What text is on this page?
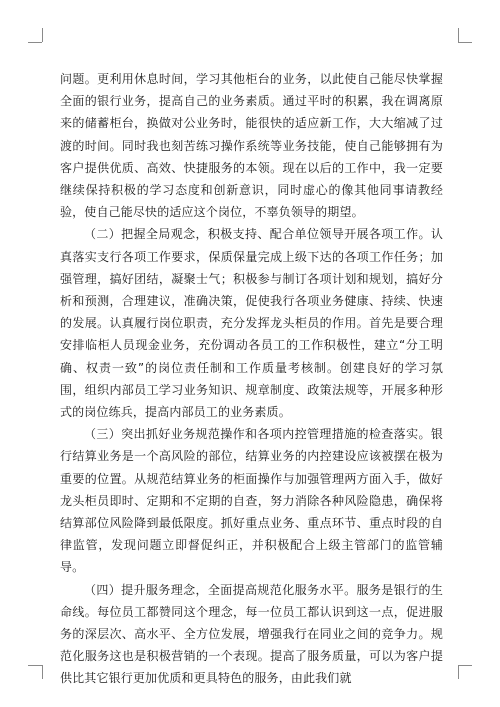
问题。更利用休息时间，学习其他柜台的业务，以此使自己能尽快掌握全面的银行业务，提高自己的业务素质。通过平时的积累，我在调离原来的储蓄柜台，换做对公业务时，能很快的适应新工作，大大缩减了过渡的时间。同时我也刻苦练习操作系统等业务技能，使自己能够拥有为客户提供优质、高效、快捷服务的本领。现在以后的工作中，我一定要继续保持积极的学习态度和创新意识，同时虚心的像其他同事请教经验，使自己能尽快的适应这个岗位，不辜负领导的期望。

（二）把握全局观念，积极支持、配合单位领导开展各项工作。认真落实支行各项工作要求，保质保量完成上级下达的各项工作任务；加强管理，搞好团结，凝聚士气；积极参与制订各项计划和规划，搞好分析和预测，合理建议，准确决策，促使我行各项业务健康、持续、快速的发展。认真履行岗位职责，充分发挥龙头柜员的作用。首先是要合理安排临柜人员现金业务，充份调动各员工的工作积极性，建立“分工明确、权责一致”的岗位责任制和工作质量考核制。创建良好的学习氛围，组织内部员工学习业务知识、规章制度、政策法规等，开展多种形式的岗位练兵，提高内部员工的业务素质。

（三）突出抓好业务规范操作和各项内控管理措施的检查落实。银行结算业务是一个高风险的部位，结算业务的内控建设应该被摆在极为重要的位置。从规范结算业务的柜面操作与加强管理两方面入手，做好龙头柜员即时、定期和不定期的自查，努力消除各种风险隐患，确保将结算部位风险降到最低限度。抓好重点业务、重点环节、重点时段的自律监管，发现问题立即督促纠正，并积极配合上级主管部门的监管辅导。

（四）提升服务理念，全面提高规范化服务水平。服务是银行的生命线。每位员工都赞同这个理念，每一位员工都认识到这一点，促进服务的深层次、高水平、全方位发展，增强我行在同业之间的竞争力。规范化服务这也是积极营销的一个表现。提高了服务质量，可以为客户提供比其它银行更加优质和更具特色的服务，由此我们就
